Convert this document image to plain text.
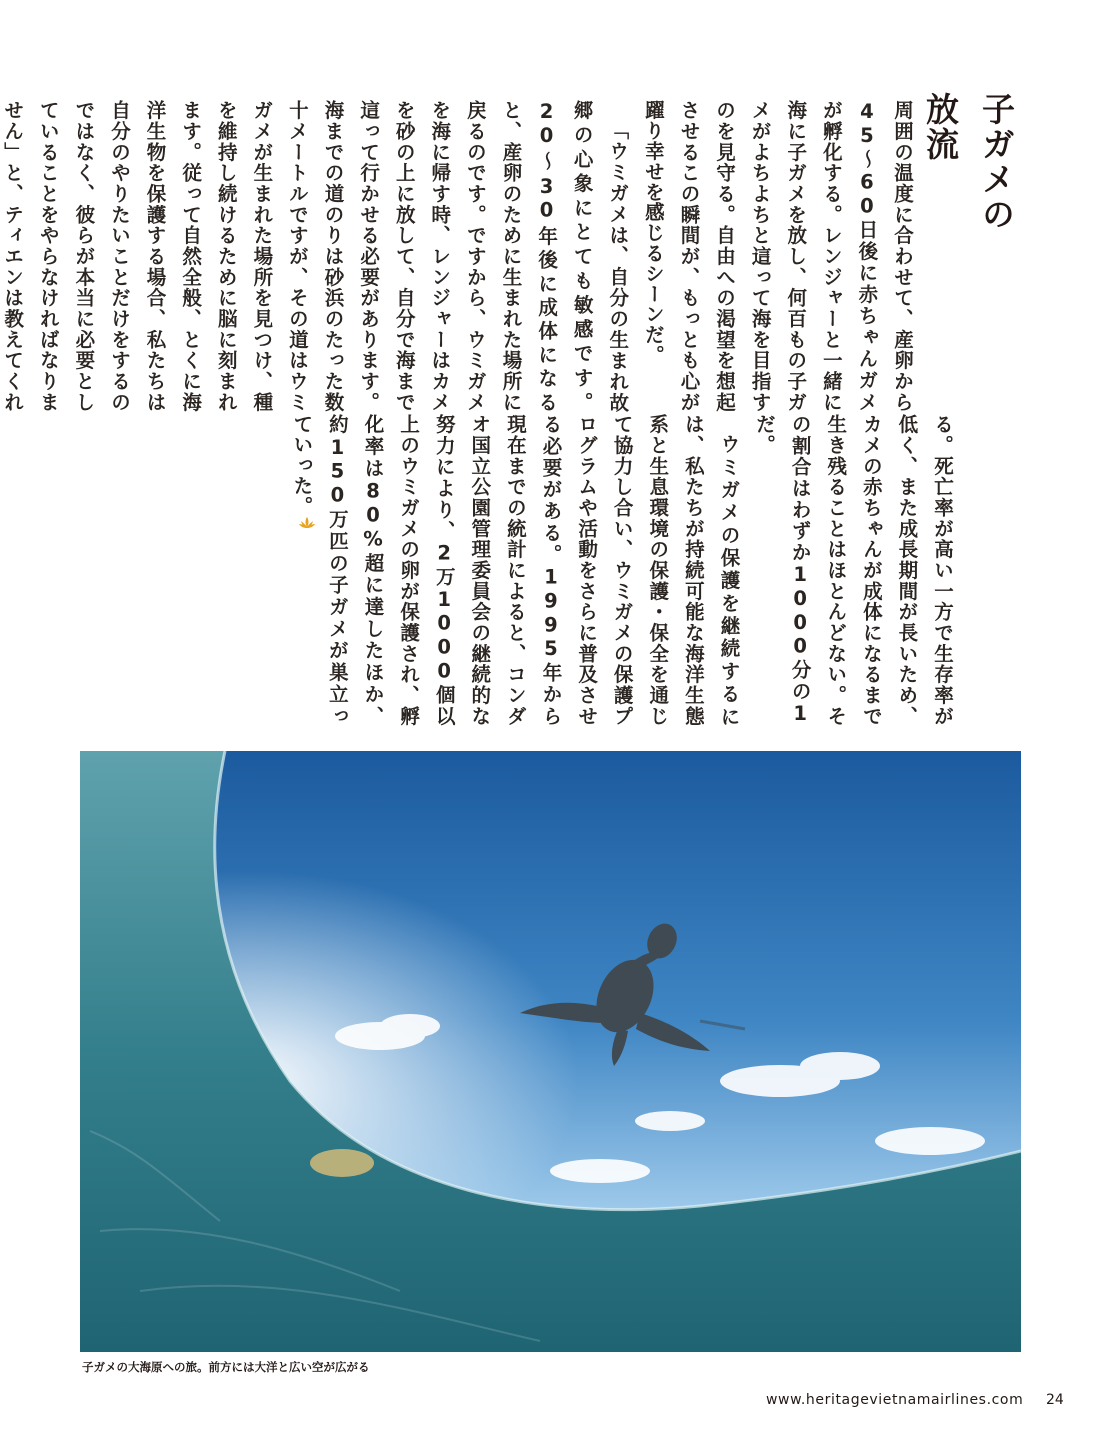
子ガメの放流

周囲の温度に合わせて、産卵から45〜60日後に赤ちゃんガメが孵化する。レンジャーと一緒に海に子ガメを放し、何百もの子ガメがよちよちと這って海を目指すのを見守る。自由への渇望を想起させるこの瞬間が、もっとも心が躍り幸せを感じるシーンだ。

「ウミガメは、自分の生まれ故郷の心象にとても敏感です。20〜30年後に成体になると、産卵のために生まれた場所に戻るのです。ですから、ウミガメを海に帰す時、レンジャーはカメを砂の上に放して、自分で海まで這って行かせる必要があります。海までの道のりは砂浜のたった数十メートルですが、その道はウミガメが生まれた場所を見つけ、種を維持し続けるために脳に刻まれます。従って自然全般、とくに海洋生物を保護する場合、私たちは自分のやりたいことだけをするのではなく、彼らが本当に必要としていることをやらなければなりません」と、ティエンは教えてくれ

る。死亡率が高い一方で生存率が低く、また成長期間が長いため、カメの赤ちゃんが成体になるまで生き残ることはほとんどない。その割合はわずか1000分の1だ。

ウミガメの保護を継続するには、私たちが持続可能な海洋生態系と生息環境の保護・保全を通じて協力し合い、ウミガメの保護プログラムや活動をさらに普及させる必要がある。1995年から現在までの統計によると、コンダオ国立公園管理委員会の継続的な努力により、2万1000個以上のウミガメの卵が保護され、孵化率は80%超に達したほか、約150万匹の子ガメが巣立っていった。

子ガメの大海原への旅。前方には大洋と広い空が広がる
www.heritagevietnamairlines.com 24
